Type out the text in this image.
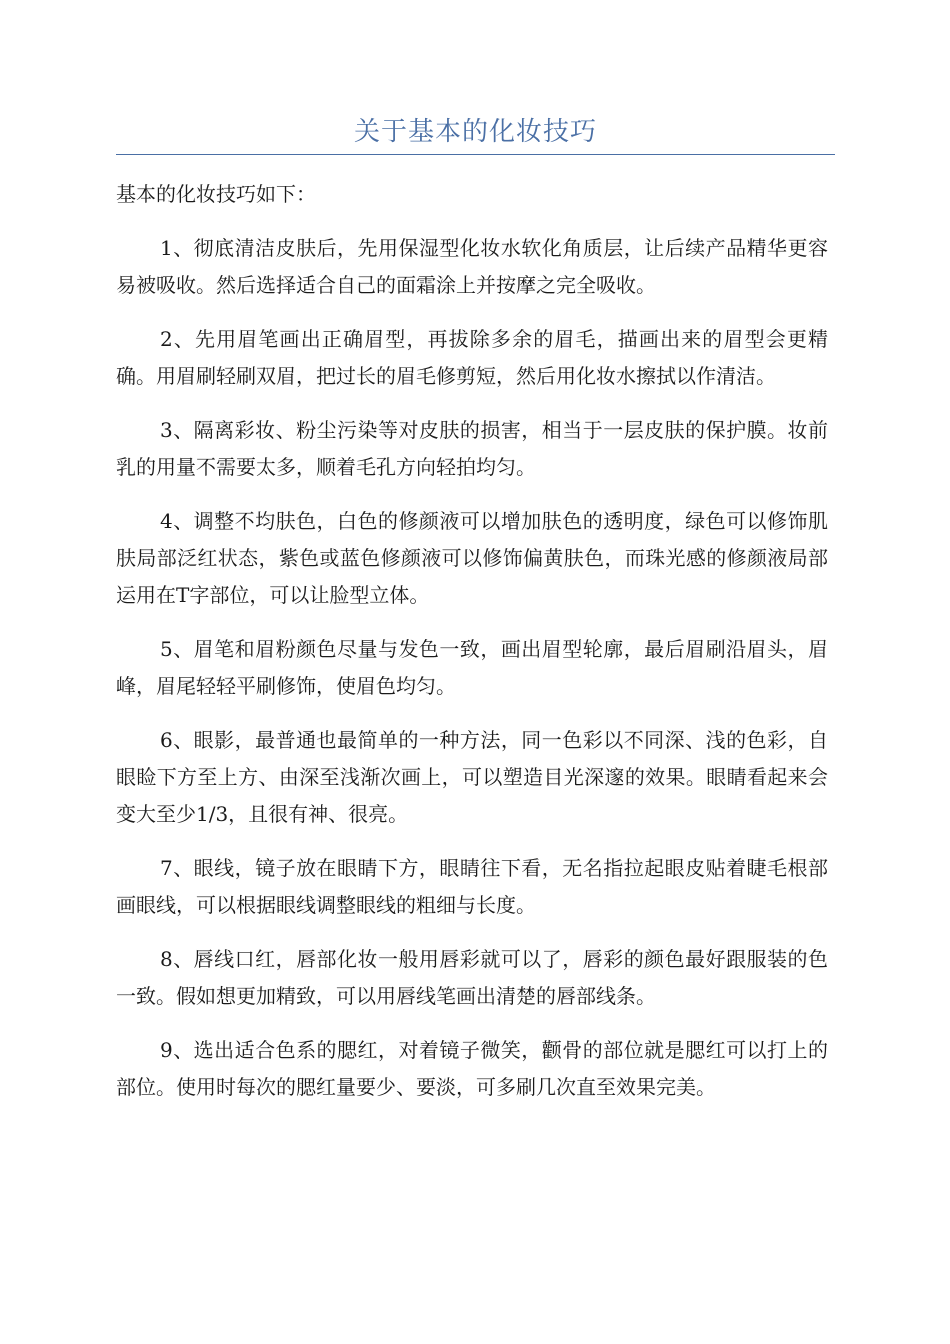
关于基本的化妆技巧

基本的化妆技巧如下：

1、彻底清洁皮肤后，先用保湿型化妆水软化角质层，让后续产品精华更容易被吸收。然后选择适合自己的面霜涂上并按摩之完全吸收。

2、先用眉笔画出正确眉型，再拔除多余的眉毛，描画出来的眉型会更精确。用眉刷轻刷双眉，把过长的眉毛修剪短，然后用化妆水擦拭以作清洁。

3、隔离彩妆、粉尘污染等对皮肤的损害，相当于一层皮肤的保护膜。妆前乳的用量不需要太多，顺着毛孔方向轻拍均匀。

4、调整不均肤色，白色的修颜液可以增加肤色的透明度，绿色可以修饰肌肤局部泛红状态，紫色或蓝色修颜液可以修饰偏黄肤色，而珠光感的修颜液局部运用在T字部位，可以让脸型立体。

5、眉笔和眉粉颜色尽量与发色一致，画出眉型轮廓，最后眉刷沿眉头，眉峰，眉尾轻轻平刷修饰，使眉色均匀。

6、眼影，最普通也最简单的一种方法，同一色彩以不同深、浅的色彩，自眼睑下方至上方、由深至浅渐次画上，可以塑造目光深邃的效果。眼睛看起来会变大至少1/3，且很有神、很亮。

7、眼线，镜子放在眼睛下方，眼睛往下看，无名指拉起眼皮贴着睫毛根部画眼线，可以根据眼线调整眼线的粗细与长度。

8、唇线口红，唇部化妆一般用唇彩就可以了，唇彩的颜色最好跟服装的色一致。假如想更加精致，可以用唇线笔画出清楚的唇部线条。

9、选出适合色系的腮红，对着镜子微笑，颧骨的部位就是腮红可以打上的部位。使用时每次的腮红量要少、要淡，可多刷几次直至效果完美。
